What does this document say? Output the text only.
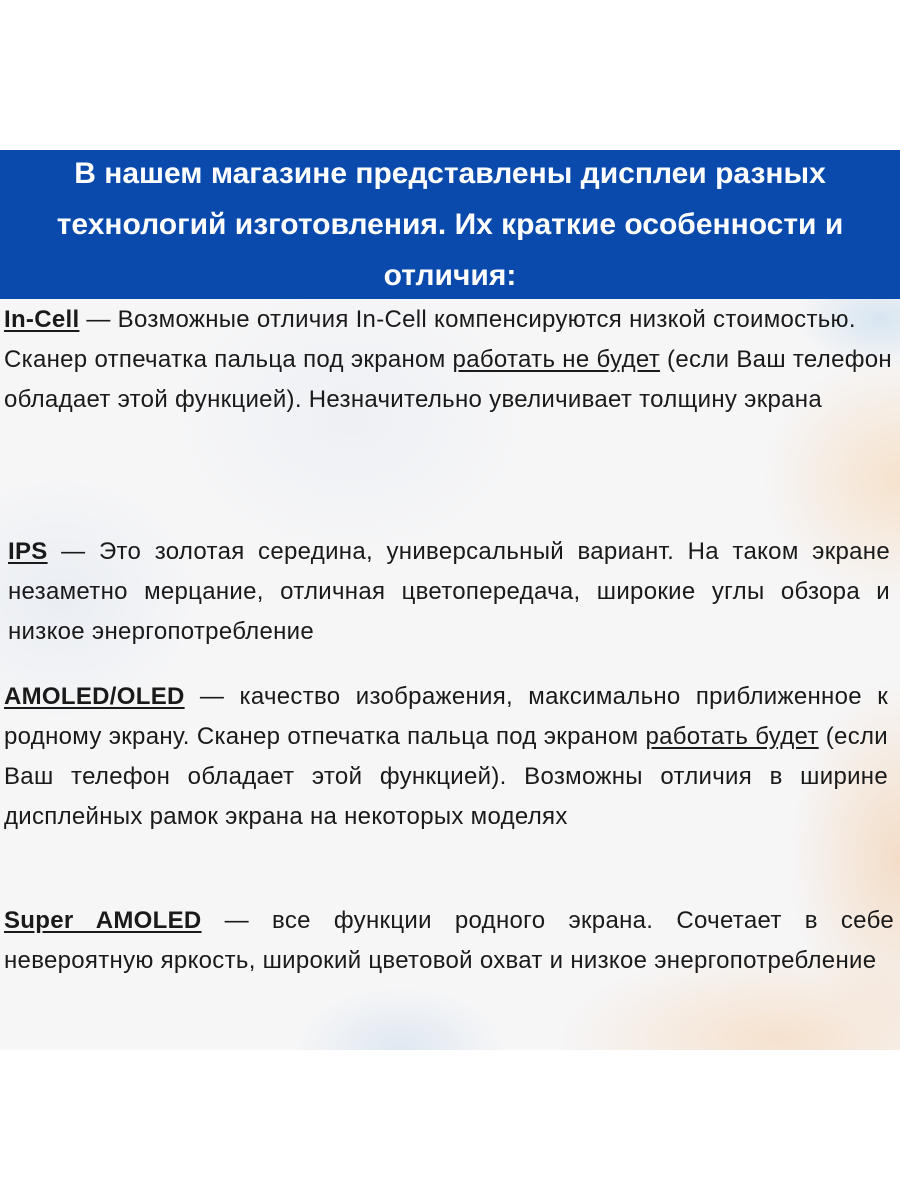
В нашем магазине представлены дисплеи разных технологий изготовления. Их краткие особенности и отличия:

In-Cell — Возможные отличия In-Cell компенсируются низкой стоимостью.
Сканер отпечатка пальца под экраном работать не будет (если Ваш телефон обладает этой функцией). Незначительно увеличивает толщину экрана

IPS — Это золотая середина, универсальный вариант. На таком экране незаметно мерцание, отличная цветопередача, широкие углы обзора и низкое энергопотребление

AMOLED/OLED — качество изображения, максимально приближенное к родному экрану. Сканер отпечатка пальца под экраном работать будет (если Ваш телефон обладает этой функцией). Возможны отличия в ширине дисплейных рамок экрана на некоторых моделях

Super AMOLED — все функции родного экрана. Сочетает в себе невероятную яркость, широкий цветовой охват и низкое энергопотребление
